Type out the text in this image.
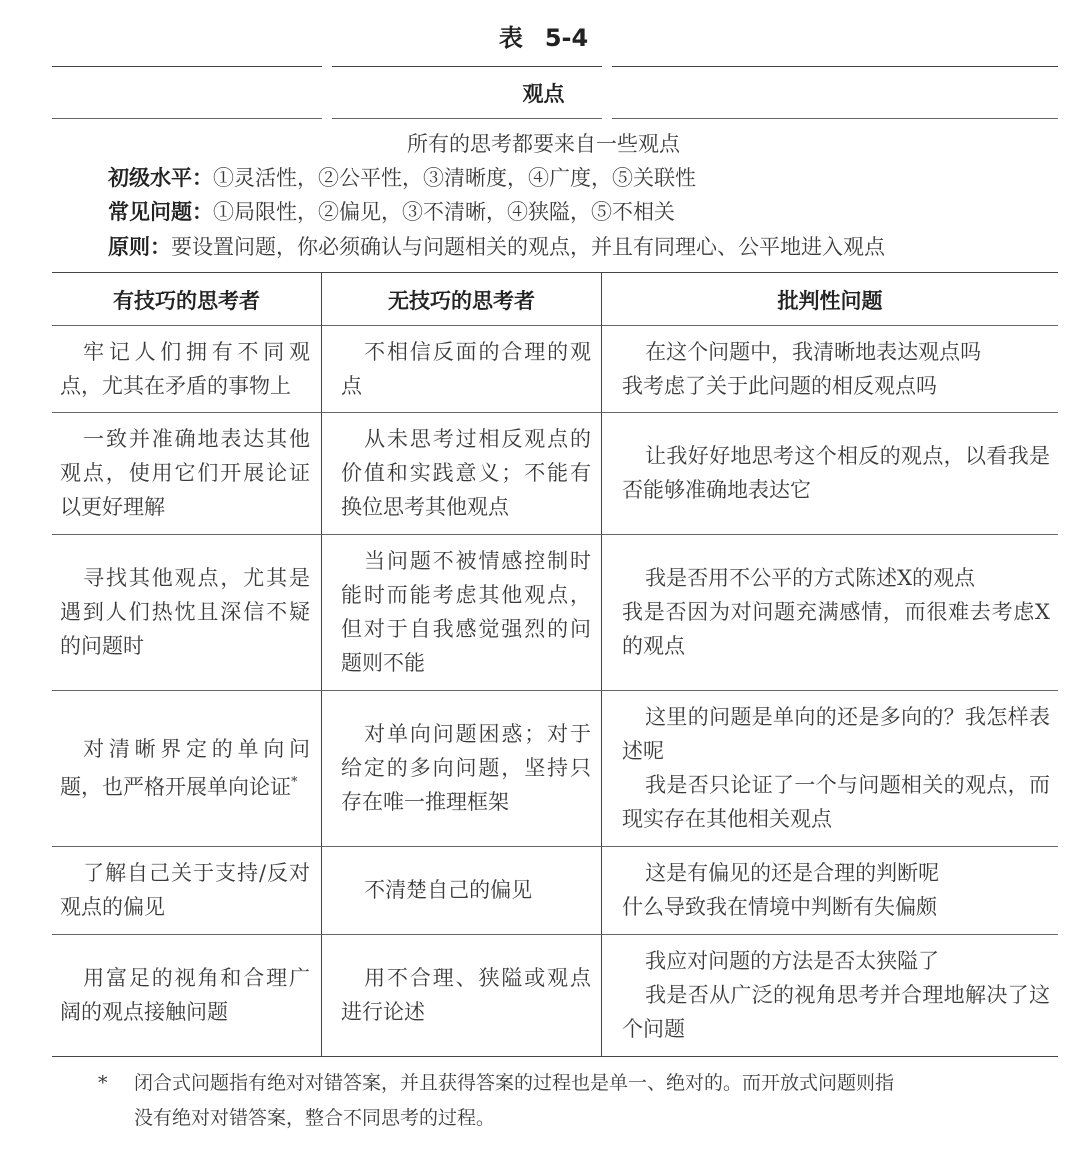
表 5-4
观点
所有的思考都要来自一些观点
初级水平：①灵活性，②公平性，③清晰度，④广度，⑤关联性
常见问题：①局限性，②偏见，③不清晰，④狭隘，⑤不相关
原则：要设置问题，你必须确认与问题相关的观点，并且有同理心、公平地进入观点
有技巧的思考者	无技巧的思考者	批判性问题

牢记人们拥有不同观点，尤其在矛盾的事物上

不相信反面的合理的观点

在这个问题中，我清晰地表达观点吗

我考虑了关于此问题的相反观点吗

一致并准确地表达其他观点，使用它们开展论证以更好理解

从未思考过相反观点的价值和实践意义；不能有换位思考其他观点

让我好好地思考这个相反的观点，以看我是否能够准确地表达它

寻找其他观点，尤其是遇到人们热忱且深信不疑的问题时

当问题不被情感控制时能时而能考虑其他观点，但对于自我感觉强烈的问题则不能

我是否用不公平的方式陈述X的观点

我是否因为对问题充满感情，而很难去考虑X的观点

对清晰界定的单向问题，也严格开展单向论证*

对单向问题困惑；对于给定的多向问题，坚持只存在唯一推理框架

这里的问题是单向的还是多向的？我怎样表述呢

我是否只论证了一个与问题相关的观点，而现实存在其他相关观点

了解自己关于支持/反对观点的偏见

不清楚自己的偏见

这是有偏见的还是合理的判断呢

什么导致我在情境中判断有失偏颇

用富足的视角和合理广阔的观点接触问题

用不合理、狭隘或观点进行论述

我应对问题的方法是否太狭隘了

我是否从广泛的视角思考并合理地解决了这个问题

* 闭合式问题指有绝对对错答案，并且获得答案的过程也是单一、绝对的。而开放式问题则指
没有绝对对错答案，整合不同思考的过程。
